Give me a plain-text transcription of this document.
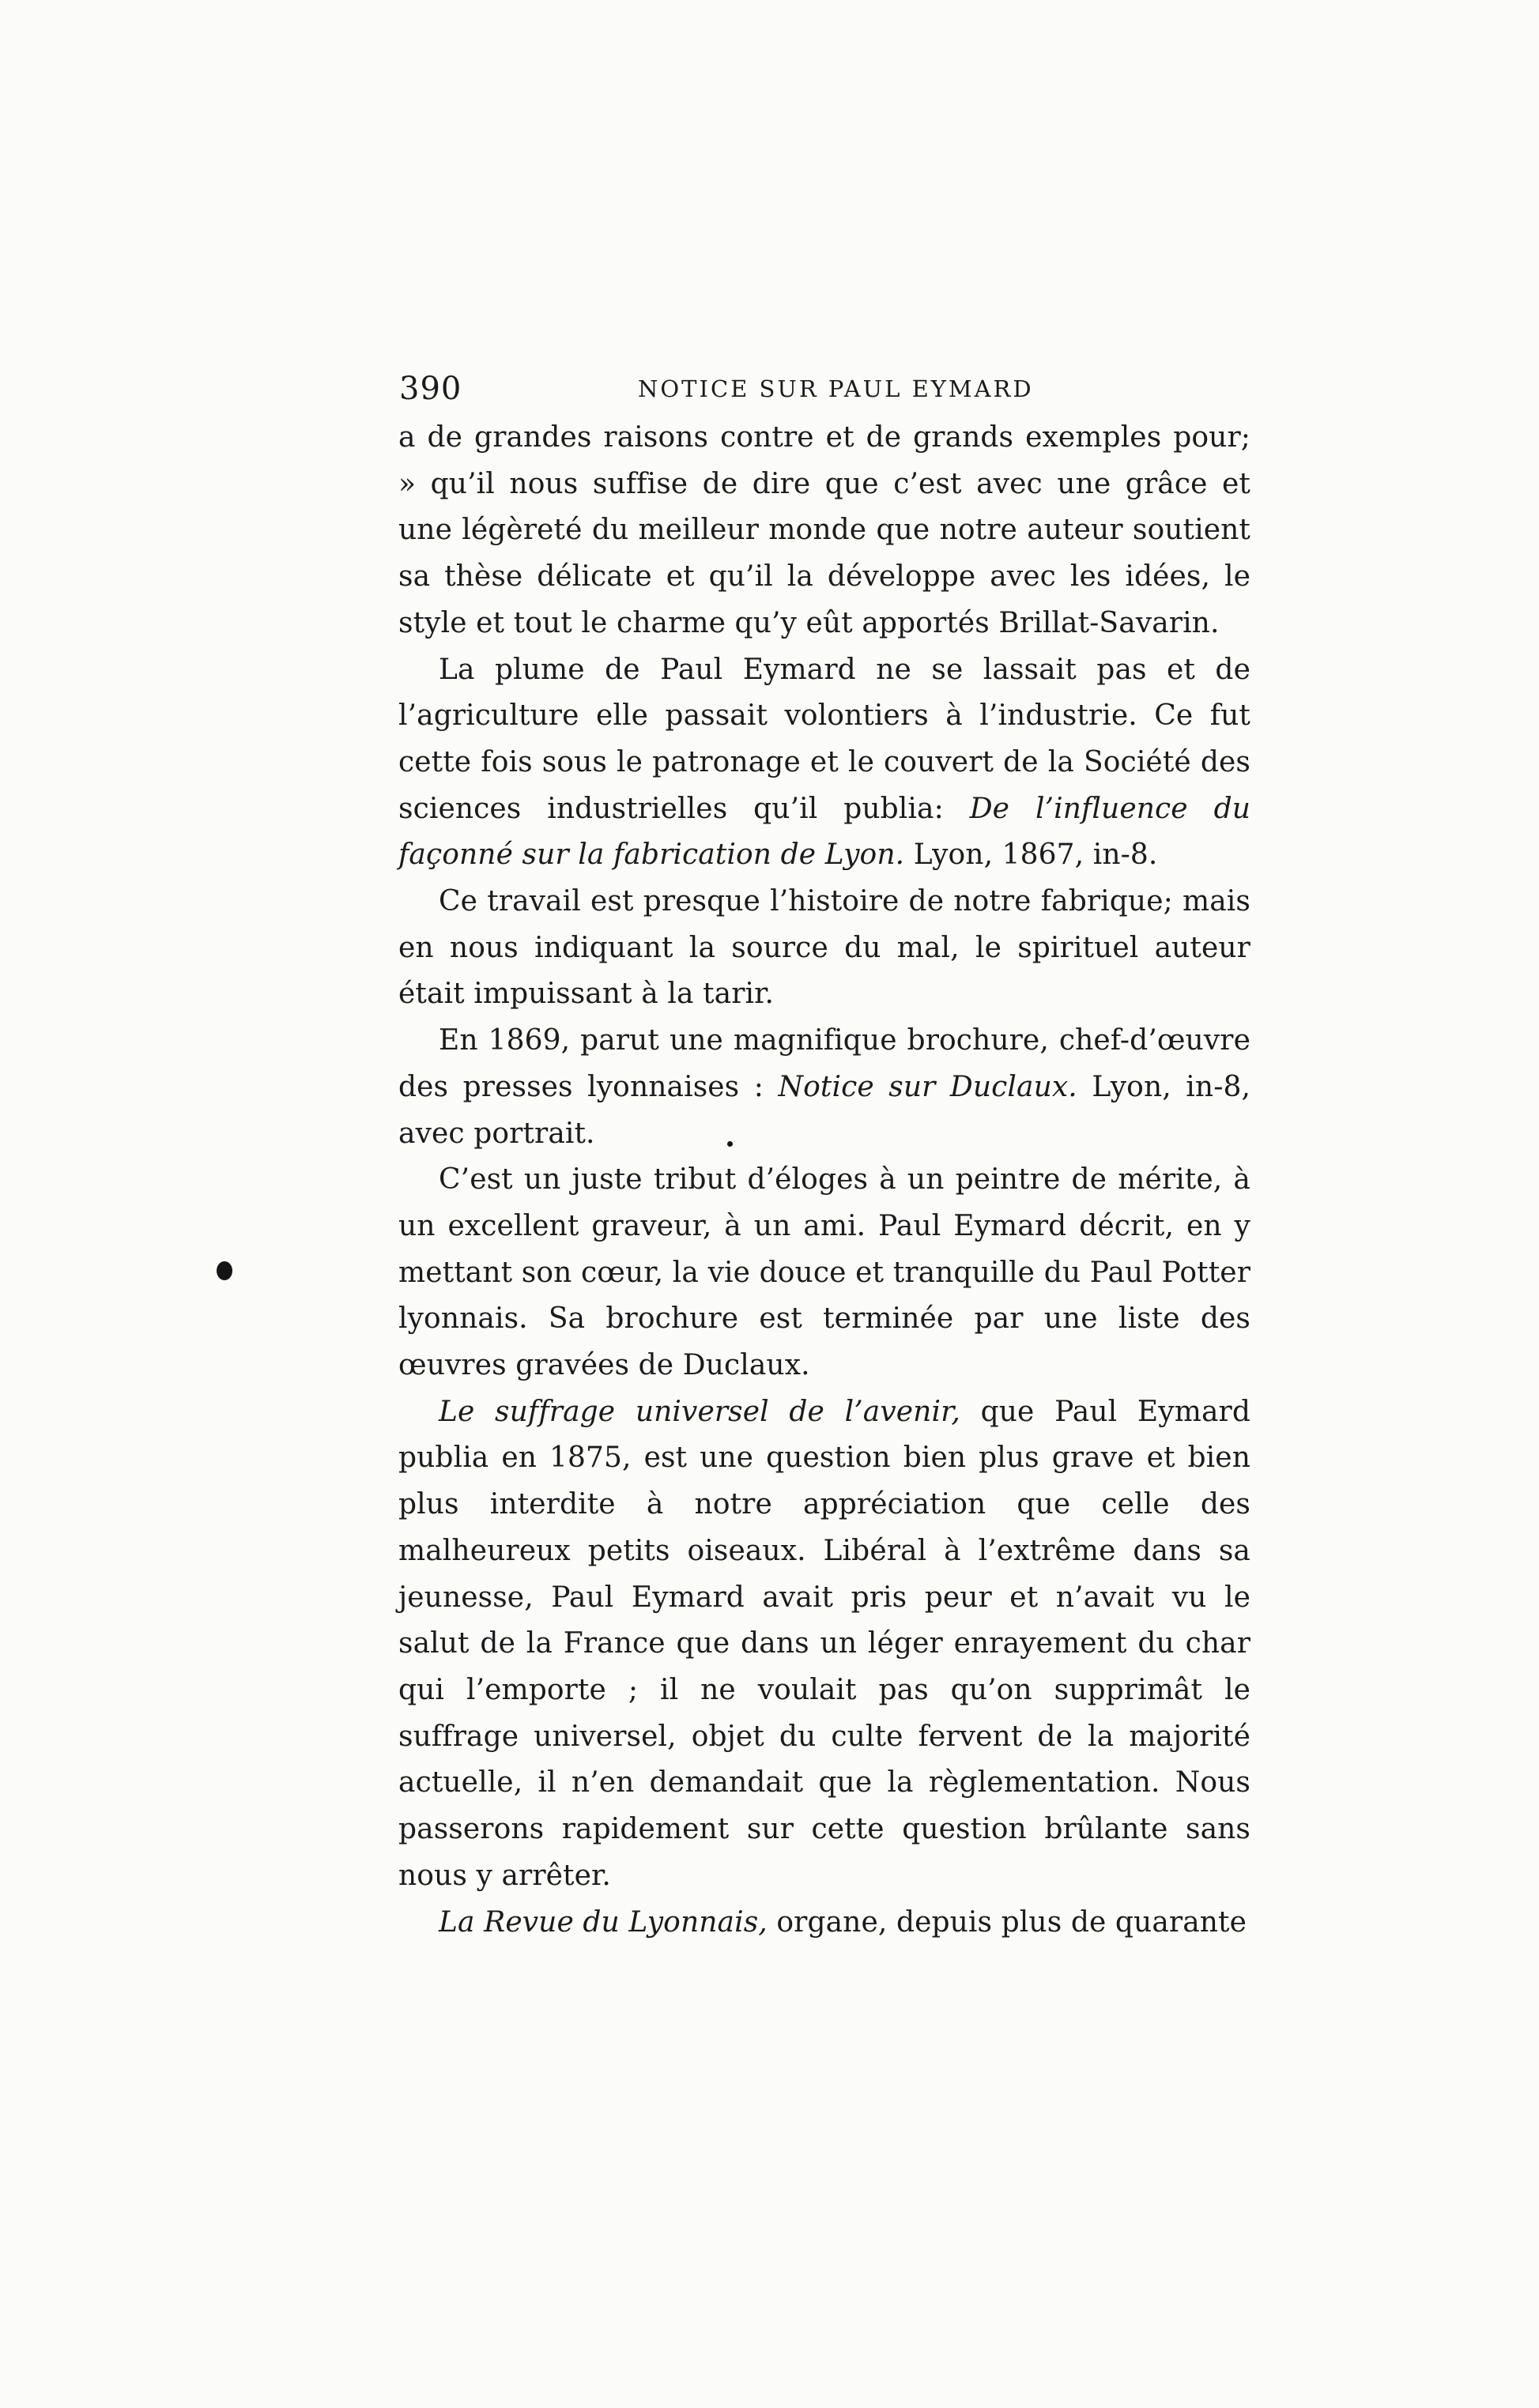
390	NOTICE SUR PAUL EYMARD

a de grandes raisons contre et de grands exemples pour; » qu’il nous suffise de dire que c’est avec une grâce et une légèreté du meilleur monde que notre auteur soutient sa thèse délicate et qu’il la développe avec les idées, le style et tout le charme qu’y eût apportés Brillat-Savarin.

La plume de Paul Eymard ne se lassait pas et de l’agriculture elle passait volontiers à l’industrie. Ce fut cette fois sous le patronage et le couvert de la Société des sciences industrielles qu’il publia: De l’influence du façonné sur la fabrication de Lyon. Lyon, 1867, in-8.

Ce travail est presque l’histoire de notre fabrique; mais en nous indiquant la source du mal, le spirituel auteur était impuissant à la tarir.

En 1869, parut une magnifique brochure, chef-d’œuvre des presses lyonnaises : Notice sur Duclaux. Lyon, in-8, avec portrait.

C’est un juste tribut d’éloges à un peintre de mérite, à un excellent graveur, à un ami. Paul Eymard décrit, en y mettant son cœur, la vie douce et tranquille du Paul Potter lyonnais. Sa brochure est terminée par une liste des œuvres gravées de Duclaux.

Le suffrage universel de l’avenir, que Paul Eymard publia en 1875, est une question bien plus grave et bien plus interdite à notre appréciation que celle des malheureux petits oiseaux. Libéral à l’extrême dans sa jeunesse, Paul Eymard avait pris peur et n’avait vu le salut de la France que dans un léger enrayement du char qui l’emporte ; il ne voulait pas qu’on supprimât le suffrage universel, objet du culte fervent de la majorité actuelle, il n’en demandait que la règlementation. Nous passerons rapidement sur cette question brûlante sans nous y arrêter.

La Revue du Lyonnais, organe, depuis plus de quarante
